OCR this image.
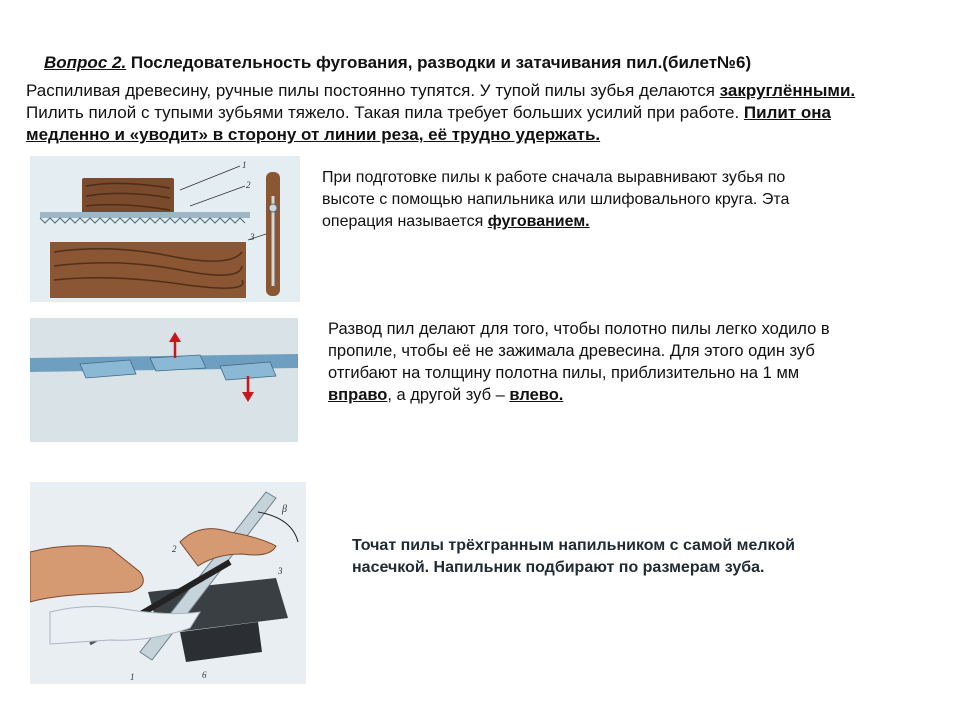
Вопрос 2. Последовательность фугования, разводки и затачивания пил.(билет№6)
Распиливая древесину, ручные пилы постоянно тупятся. У тупой пилы зубья делаются закруглёнными. Пилить пилой с тупыми зубьями тяжело. Такая пила требует больших усилий при работе. Пилит она медленно и «уводит» в сторону от линии реза, её трудно удержать.
1
2
3
При подготовке пилы к работе сначала выравнивают зубья по высоте с помощью напильника или шлифовального круга. Эта операция называется фугованием.
Развод пил делают для того, чтобы полотно пилы легко ходило в пропиле, чтобы её не зажимала древесина. Для этого один зуб отгибают на толщину полотна пилы, приблизительно на 1 мм вправо, а другой зуб – влево.
β
1
2
3
6
Точат пилы трёхгранным напильником с самой мелкой насечкой. Напильник подбирают по размерам зуба.
